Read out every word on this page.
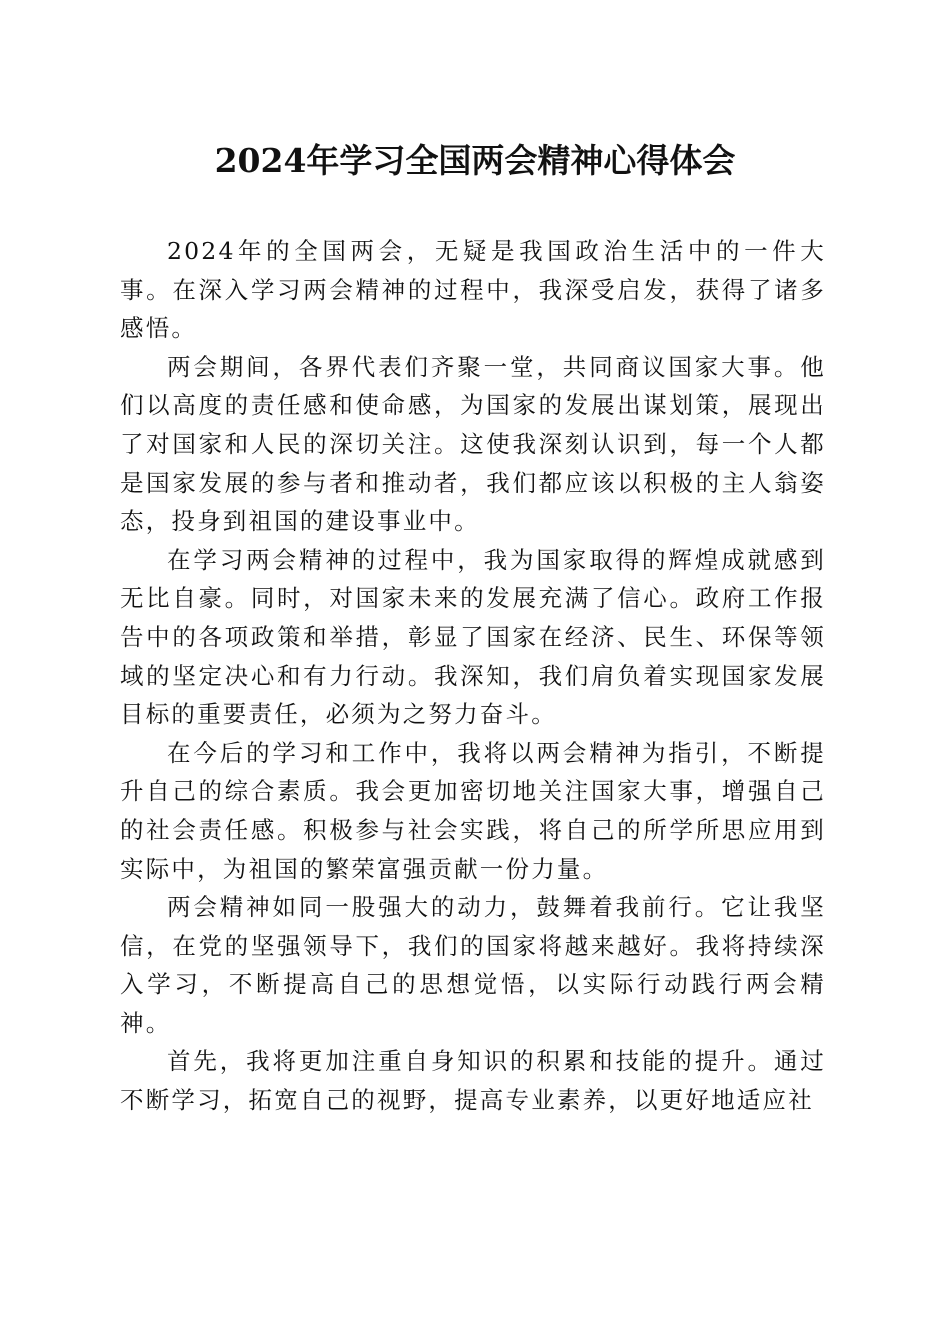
2024年学习全国两会精神心得体会

2024年的全国两会，无疑是我国政治生活中的一件大事。在深入学习两会精神的过程中，我深受启发，获得了诸多感悟。

两会期间，各界代表们齐聚一堂，共同商议国家大事。他们以高度的责任感和使命感，为国家的发展出谋划策，展现出了对国家和人民的深切关注。这使我深刻认识到，每一个人都是国家发展的参与者和推动者，我们都应该以积极的主人翁姿态，投身到祖国的建设事业中。

在学习两会精神的过程中，我为国家取得的辉煌成就感到无比自豪。同时，对国家未来的发展充满了信心。政府工作报告中的各项政策和举措，彰显了国家在经济、民生、环保等领域的坚定决心和有力行动。我深知，我们肩负着实现国家发展目标的重要责任，必须为之努力奋斗。

在今后的学习和工作中，我将以两会精神为指引，不断提升自己的综合素质。我会更加密切地关注国家大事，增强自己的社会责任感。积极参与社会实践，将自己的所学所思应用到实际中，为祖国的繁荣富强贡献一份力量。

两会精神如同一股强大的动力，鼓舞着我前行。它让我坚信，在党的坚强领导下，我们的国家将越来越好。我将持续深入学习，不断提高自己的思想觉悟，以实际行动践行两会精神。

首先，我将更加注重自身知识的积累和技能的提升。通过不断学习，拓宽自己的视野，提高专业素养，以更好地适应社
